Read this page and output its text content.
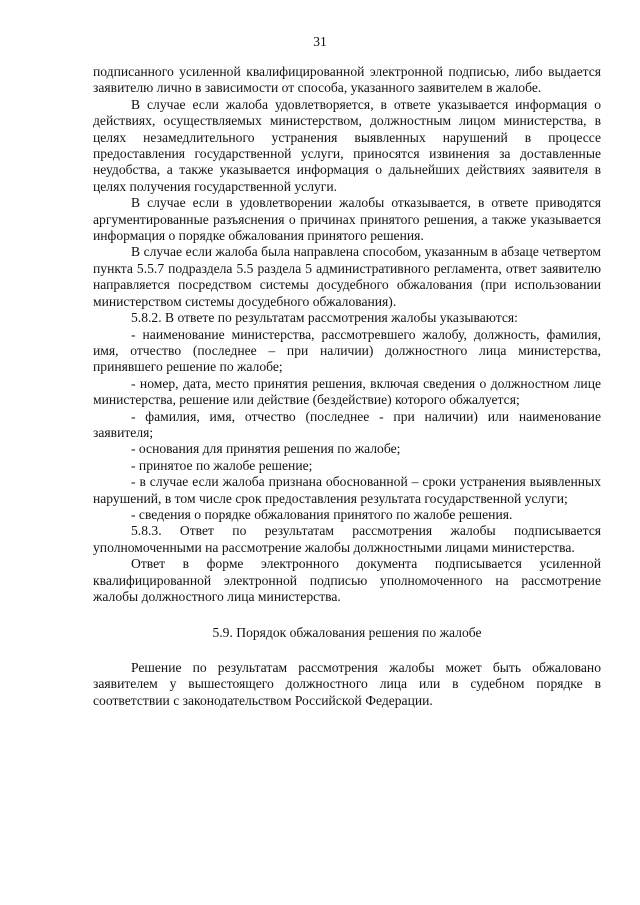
31

подписанного усиленной квалифицированной электронной подписью, либо выдается заявителю лично в зависимости от способа, указанного заявителем в жалобе.

В случае если жалоба удовлетворяется, в ответе указывается информация о действиях, осуществляемых министерством, должностным лицом министерства, в целях незамедлительного устранения выявленных нарушений в процессе предоставления государственной услуги, приносятся извинения за доставленные неудобства, а также указывается информация о дальнейших действиях заявителя в целях получения государственной услуги.

В случае если в удовлетворении жалобы отказывается, в ответе приводятся аргументированные разъяснения о причинах принятого решения, а также указывается информация о порядке обжалования принятого решения.

В случае если жалоба была направлена способом, указанным в абзаце четвертом пункта 5.5.7 подраздела 5.5 раздела 5 административного регламента, ответ заявителю направляется посредством системы досудебного обжалования (при использовании министерством системы досудебного обжалования).

5.8.2. В ответе по результатам рассмотрения жалобы указываются:

- наименование министерства, рассмотревшего жалобу, должность, фамилия, имя, отчество (последнее – при наличии) должностного лица министерства, принявшего решение по жалобе;

- номер, дата, место принятия решения, включая сведения о должностном лице министерства, решение или действие (бездействие) которого обжалуется;

- фамилия, имя, отчество (последнее - при наличии) или наименование заявителя;

- основания для принятия решения по жалобе;

- принятое по жалобе решение;

- в случае если жалоба признана обоснованной – сроки устранения выявленных нарушений, в том числе срок предоставления результата государственной услуги;

- сведения о порядке обжалования принятого по жалобе решения.

5.8.3. Ответ по результатам рассмотрения жалобы подписывается уполномоченными на рассмотрение жалобы должностными лицами министерства.

Ответ в форме электронного документа подписывается усиленной квалифицированной электронной подписью уполномоченного на рассмотрение жалобы должностного лица министерства.

5.9. Порядок обжалования решения по жалобе

Решение по результатам рассмотрения жалобы может быть обжаловано заявителем у вышестоящего должностного лица или в судебном порядке в соответствии с законодательством Российской Федерации.
